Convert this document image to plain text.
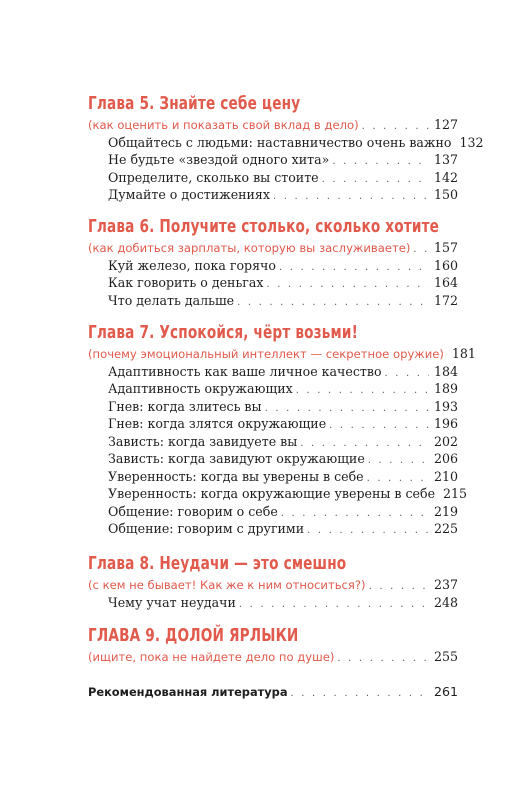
Глава 5. Знайте себе цену
(как оценить и показать свой вклад в дело) . . .	127
Общайтесь с людьми: наставничество очень важно 132
Не будьте «звездой одного хита» . . .	137
Определите, сколько вы стоите . . .	142
Думайте о достижениях . . .	150
Глава 6. Получите столько, сколько хотите
(как добиться зарплаты, которую вы заслуживаете) . . . 157
Куй железо, пока горячо . . .	160
Как говорить о деньгах . . .	164
Что делать дальше . . .	172
Глава 7. Успокойся, чёрт возьми!
(почему эмоциональный интеллект — секретное оружие) 181
Адаптивность как ваше личное качество . . .	184
Адаптивность окружающих . . .	189
Гнев: когда злитесь вы . . .	193
Гнев: когда злятся окружающие . . .	196
Зависть: когда завидуете вы . . .	202
Зависть: когда завидуют окружающие . . .	206
Уверенность: когда вы уверены в себе . . .	210
Уверенность: когда окружающие уверены в себе 215
Общение: говорим о себе . . .	219
Общение: говорим с другими . . .	225
Глава 8. Неудачи — это смешно
(с кем не бывает! Как же к ним относиться?) . . .	237
Чему учат неудачи . . .	248
ГЛАВА 9. ДОЛОЙ ЯРЛЫКИ
(ищите, пока не найдете дело по душе) . . .	255
Рекомендованная литература . . .	261
